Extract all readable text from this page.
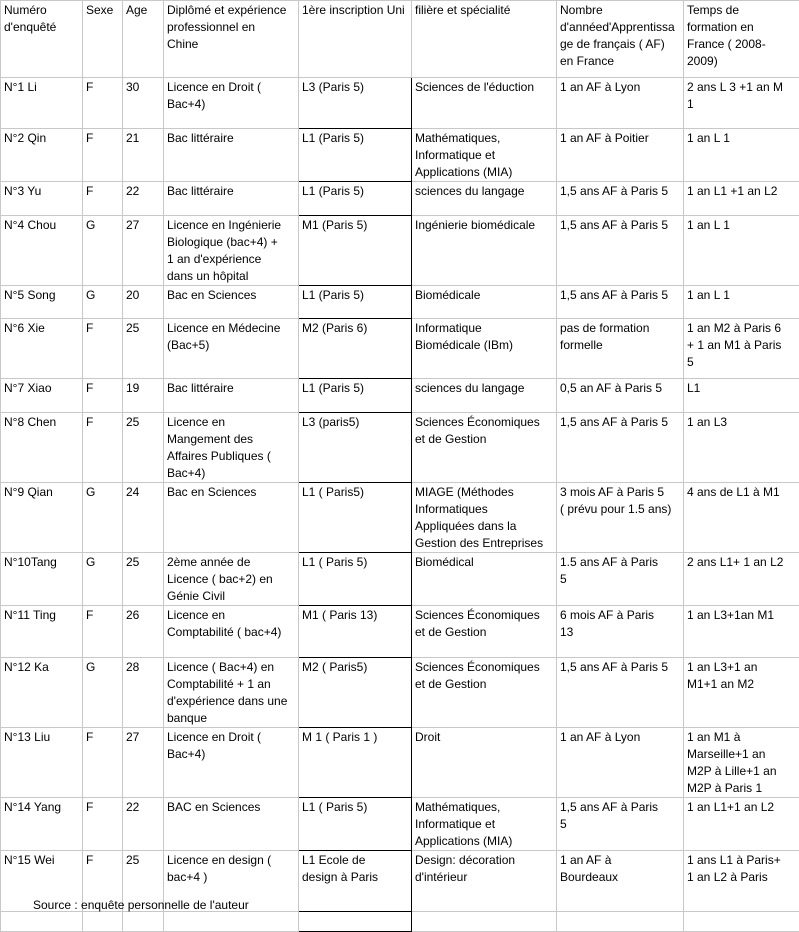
Numéro
d'enquêté	Sexe	Age	Diplômé et expérience
professionnel en
Chine	1ère inscription Uni	filière et spécialité	Nombre
d'annéed'Apprentissa
ge de français ( AF)
en France	Temps de
formation en
France ( 2008-
2009)

N°1 Li	F	30	Licence en Droit (
Bac+4)	L3 (Paris 5)	Sciences de l'éduction	1 an AF à Lyon	2 ans L 3 +1 an M
1

N°2 Qin	F	21	Bac littéraire	L1 (Paris 5)	Mathématiques,
Informatique et
Applications (MIA)	1 an AF à Poitier	1 an L 1

N°3 Yu	F	22	Bac littéraire	L1 (Paris 5)	sciences du langage	1,5 ans AF à Paris 5	1 an L1 +1 an L2

N°4 Chou	G	27	Licence en Ingénierie
Biologique (bac+4) +
1 an d'expérience
dans un hôpital	M1 (Paris 5)	Ingénierie biomédicale	1,5 ans AF à Paris 5	1 an L 1

N°5 Song	G	20	Bac en Sciences	L1 (Paris 5)	Biomédicale	1,5 ans AF à Paris 5	1 an L 1

N°6 Xie	F	25	Licence en Médecine
(Bac+5)	M2 (Paris 6)	Informatique
Biomédicale (IBm)	pas de formation
formelle	1 an M2 à Paris 6
+ 1 an M1 à Paris
5

N°7 Xiao	F	19	Bac littéraire	L1 (Paris 5)	sciences du langage	0,5 an AF à Paris 5	L1

N°8 Chen	F	25	Licence en
Mangement des
Affaires Publiques (
Bac+4)	L3 (paris5)	Sciences Économiques
et de Gestion	1,5 ans AF à Paris 5	1 an L3

N°9 Qian	G	24	Bac en Sciences	L1 ( Paris5)	MIAGE (Méthodes
Informatiques
Appliquées dans la
Gestion des Entreprises	3 mois AF à Paris 5
( prévu pour 1.5 ans)	4 ans de L1 à M1

N°10Tang	G	25	2ème année de
Licence ( bac+2) en
Génie Civil	L1 ( Paris 5)	Biomédical	1.5 ans AF à Paris
5	2 ans L1+ 1 an L2

N°11 Ting	F	26	Licence en
Comptabilité ( bac+4)	M1 ( Paris 13)	Sciences Économiques
et de Gestion	6 mois AF à Paris
13	1 an L3+1an M1

N°12 Ka	G	28	Licence ( Bac+4) en
Comptabilité + 1 an
d'expérience dans une
banque	M2 ( Paris5)	Sciences Économiques
et de Gestion	1,5 ans AF à Paris 5	1 an L3+1 an
M1+1 an M2

N°13 Liu	F	27	Licence en Droit (
Bac+4)	M 1 ( Paris 1 )	Droit	1 an AF à Lyon	1 an M1 à
Marseille+1 an
M2P à Lille+1 an
M2P à Paris 1

N°14 Yang	F	22	BAC en Sciences	L1 ( Paris 5)	Mathématiques,
Informatique et
Applications (MIA)	1,5 ans AF à Paris
5	1 an L1+1 an L2

N°15 Wei	F	25	Licence en design (
bac+4 )	L1 Ecole de
design à Paris	Design: décoration
d'intérieur	1 an AF à
Bourdeaux	1 ans L1 à Paris+
1 an L2 à Paris

Source : enquête personnelle de l'auteur
